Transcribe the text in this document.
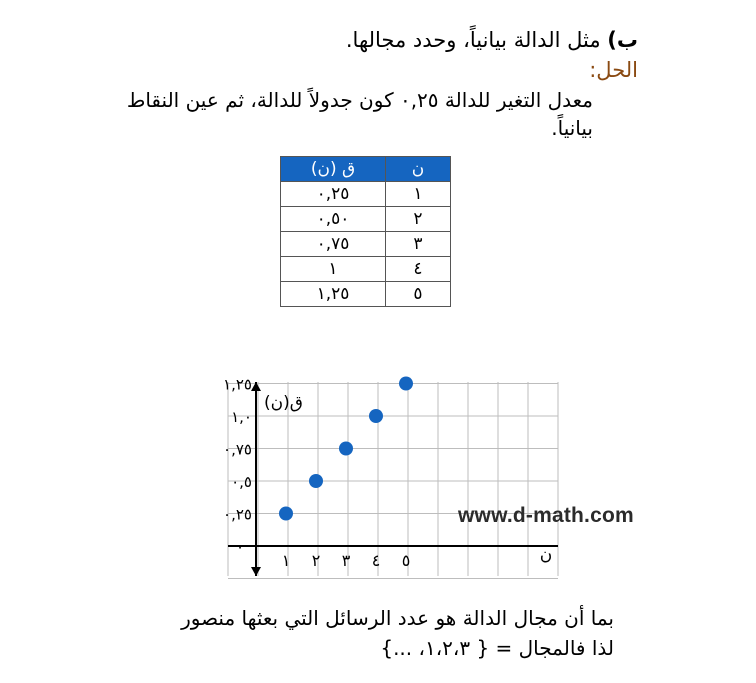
ب) مثل الدالة بيانياً، وحدد مجالها.
الحل:
معدل التغير للدالة ٠,٢٥ كون جدولاً للدالة، ثم عين النقاط بيانياً.
ق (ن)	ن
٠,٢٥	١
٠,٥٠	٢
٠,٧٥	٣
١	٤
١,٢٥	٥
١ ٢ ٣ ٤ ٥
٠,٢٥
٠,٥
٠,٧٥
١,٠
١,٢٥
ق(ن)
ن
٠
www.d-math.com
بما أن مجال الدالة هو عدد الرسائل التي بعثها منصور
لذا فالمجال = { ١،٢،٣، ...}
